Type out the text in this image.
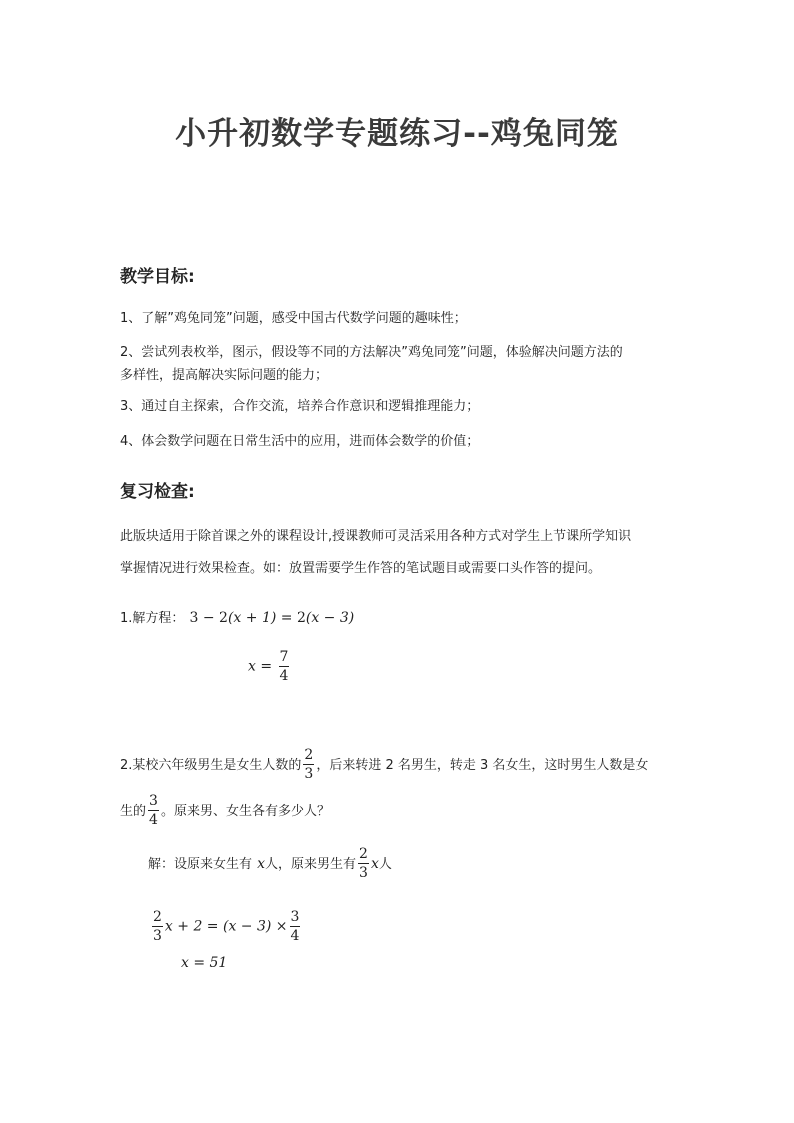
小升初数学专题练习--鸡兔同笼
教学目标:
1、了解”鸡兔同笼”问题，感受中国古代数学问题的趣味性；
2、尝试列表枚举，图示，假设等不同的方法解决”鸡兔同笼”问题，体验解决问题方法的
多样性，提高解决实际问题的能力；
3、通过自主探索，合作交流，培养合作意识和逻辑推理能力；
4、体会数学问题在日常生活中的应用，进而体会数学的价值；
复习检查:
此版块适用于除首课之外的课程设计,授课教师可灵活采用各种方式对学生上节课所学知识
掌握情况进行效果检查。如：放置需要学生作答的笔试题目或需要口头作答的提问。
1.解方程： 3 − 2(x + 1) = 2(x − 3)
$x = \frac{7}{4}$
2.某校六年级男生是女生人数的 $\frac{2}{3}$ ，后来转进 2 名男生，转走 3 名女生，这时男生人数是女
生的 $\frac{3}{4}$ 。原来男、女生各有多少人？
解：设原来女生有 x人，原来男生有 $\frac{2}{3}$ x人
$\frac{2}{3}$ $x + 2 = (x - 3) \times \frac{3}{4}$
x = 51
